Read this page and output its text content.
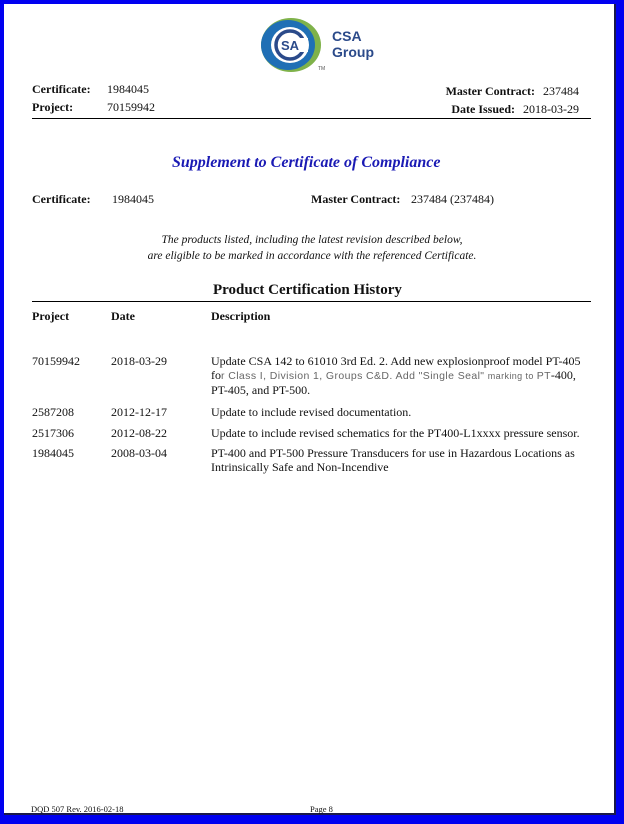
SA
CSA
Group
TM
Certificate: 1984045
Project:	70159942
Master Contract: 237484
Date Issued: 2018-03-29
Supplement to Certificate of Compliance
Certificate: 1984045	Master Contract: 237484 (237484)
The products listed, including the latest revision described below,
are eligible to be marked in accordance with the referenced Certificate.
Product Certification History
Project	Date	Description
70159942	2018-03-29	Update CSA 142 to 61010 3rd Ed. 2. Add new explosionproof model PT-405
for Class I, Division 1, Groups C&D. Add "Single Seal" marking to PT-400,
PT-405, and PT-500.
2587208	2012-12-17	Update to include revised documentation.
2517306	2012-08-22	Update to include revised schematics for the PT400-L1xxxx pressure sensor.
1984045	2008-03-04	PT-400 and PT-500 Pressure Transducers for use in Hazardous Locations as Intrinsically Safe and Non-Incendive
DQD 507 Rev. 2016-02-18	Page 8
